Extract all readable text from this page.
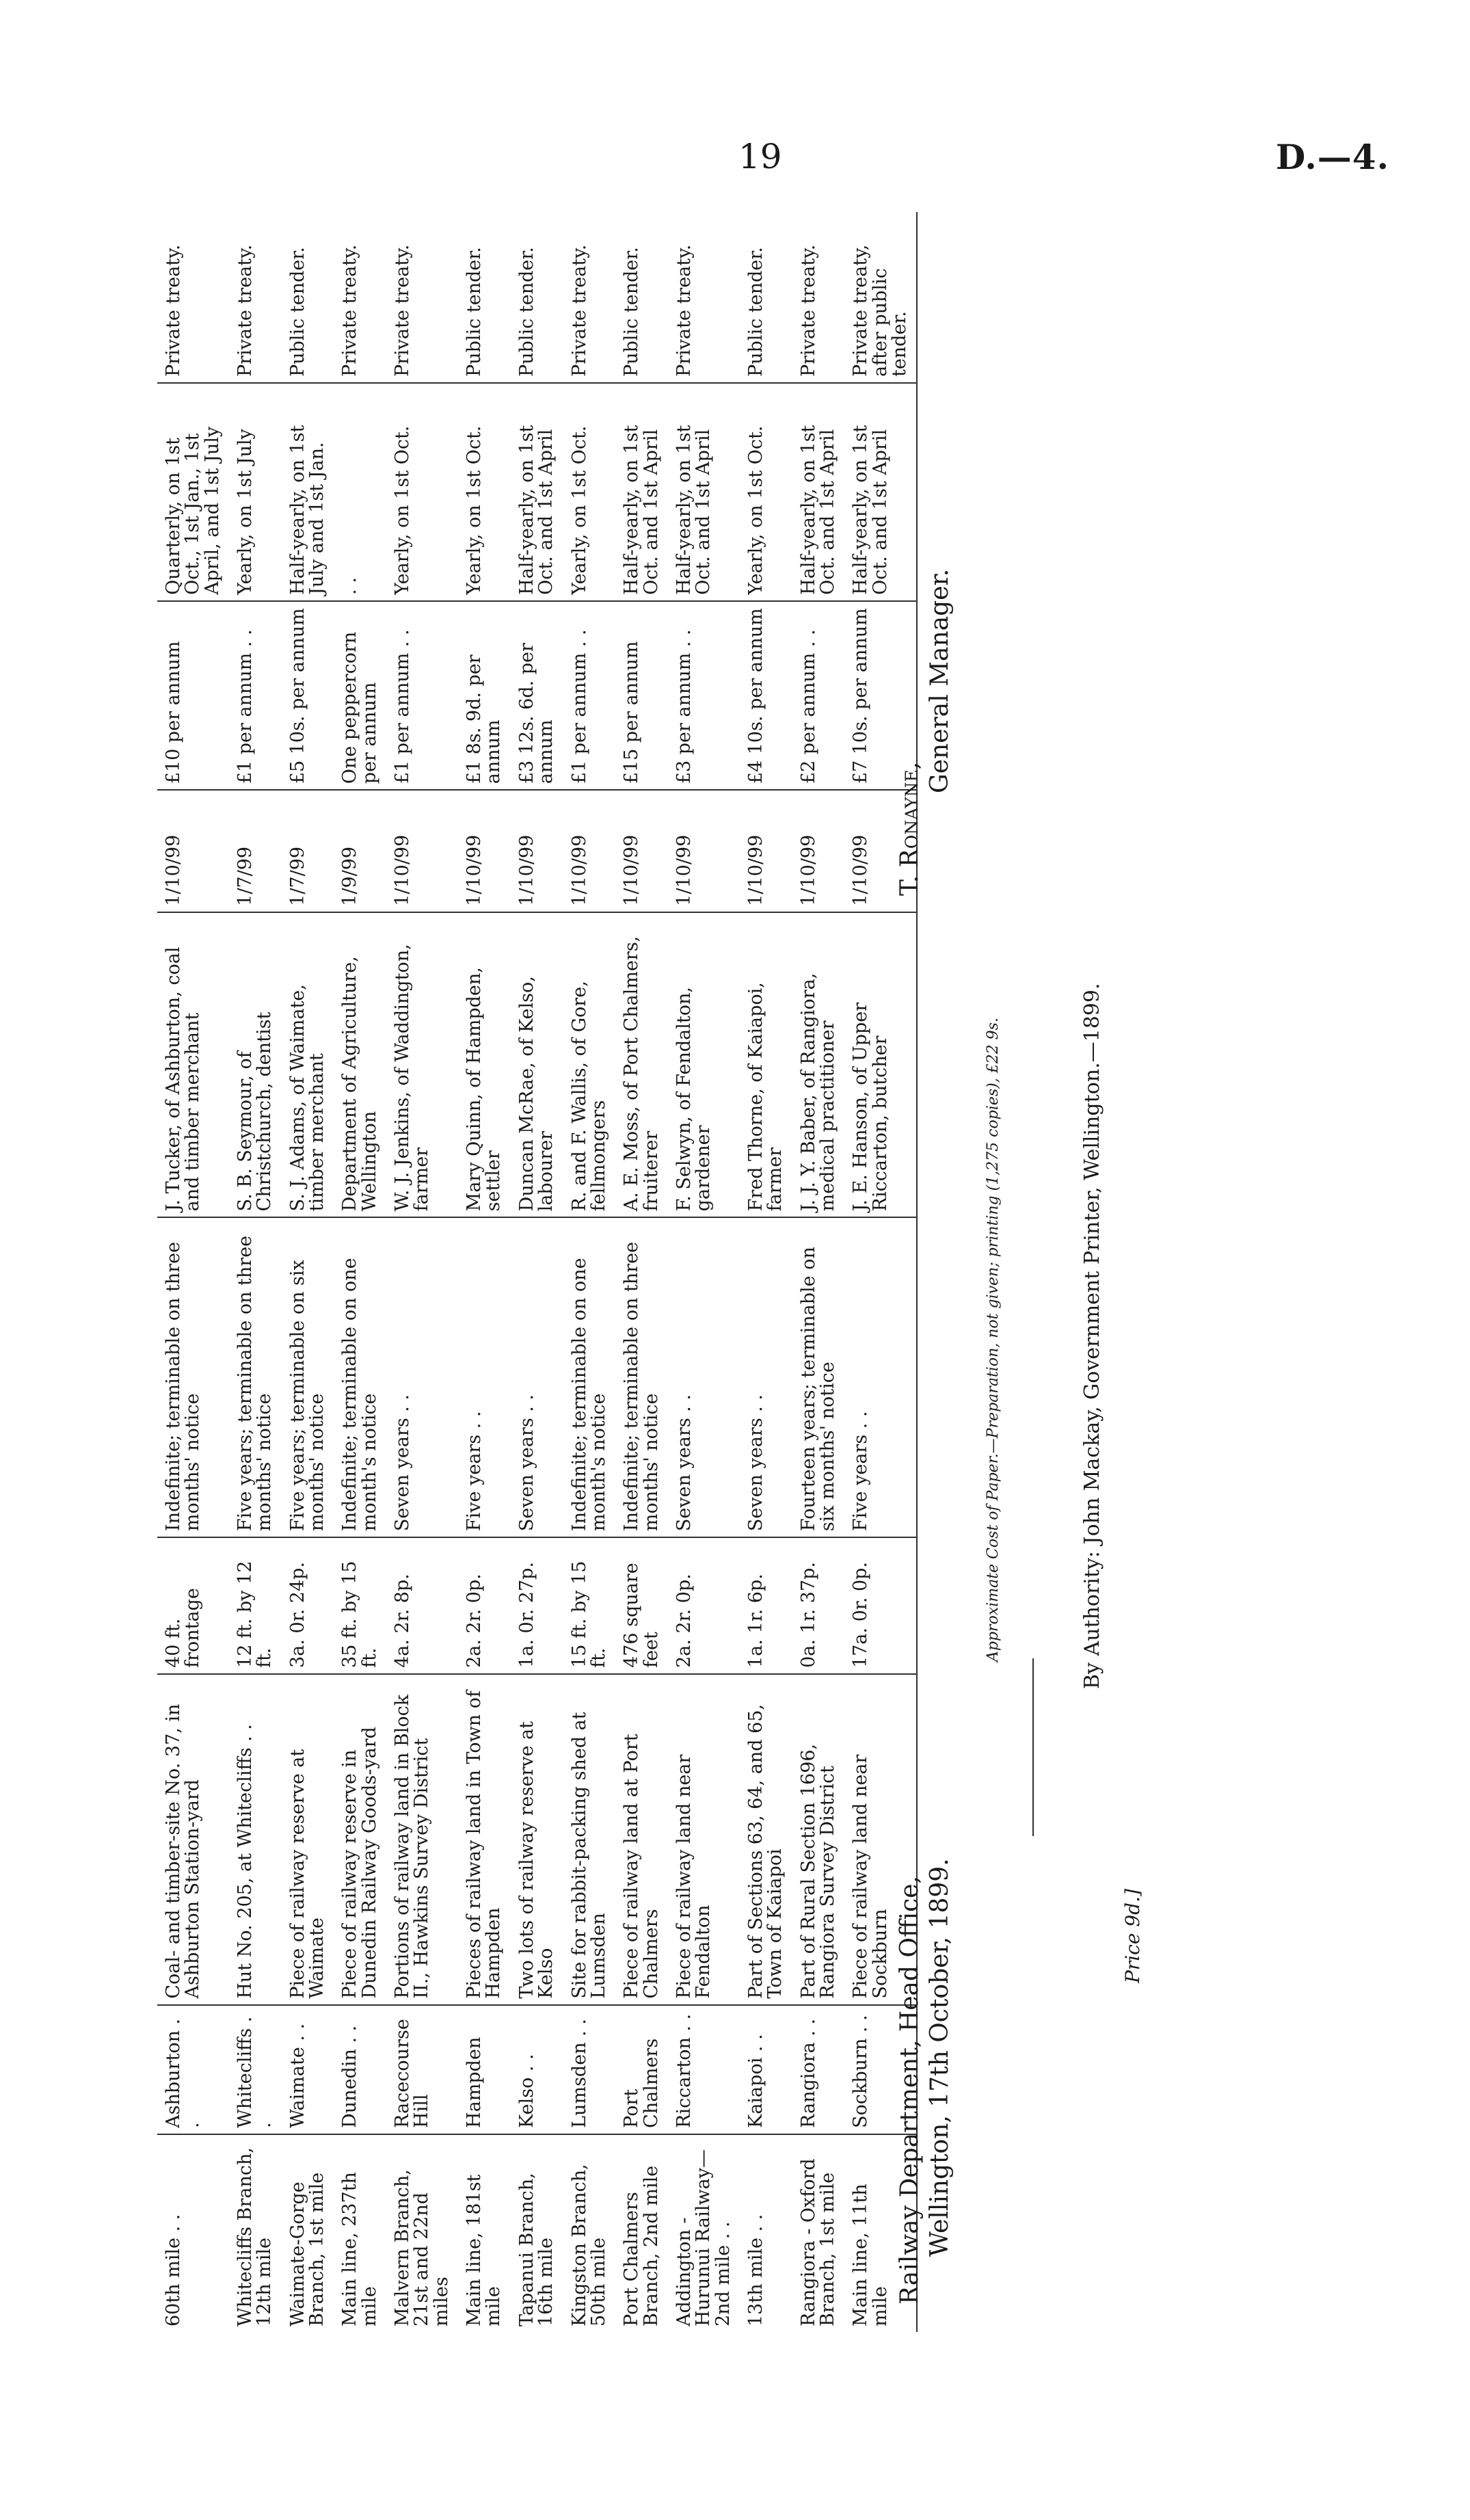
19	D.—4.
60th mile . .	Ashburton . .	Coal- and timber-site No. 37, in Ashburton Station-yard	40 ft. frontage	Indefinite; terminable on three months' notice	J. Tucker, of Ashburton, coal and timber merchant	1/10/99	£10 per annum	Quarterly, on 1st Oct., 1st Jan., 1st April, and 1st July	Private treaty.
Whitecliffs Branch, 12th mile	Whitecliffs . .	Hut No. 205, at Whitecliffs . .	12 ft. by 12 ft.	Five years; terminable on three months' notice	S. B. Seymour, of Christchurch, dentist	1/7/99	£1 per annum . .	Yearly, on 1st July	Private treaty.
Waimate-Gorge Branch, 1st mile	Waimate . .	Piece of railway reserve at Waimate	3a. 0r. 24p.	Five years; terminable on six months' notice	S. J. Adams, of Waimate, timber merchant	1/7/99	£5 10s. per annum	Half-yearly, on 1st July and 1st Jan.	Public tender.
Main line, 237th mile	Dunedin . .	Piece of railway reserve in Dunedin Railway Goods-yard	35 ft. by 15 ft.	Indefinite; terminable on one month's notice	Department of Agriculture, Wellington	1/9/99	One peppercorn per annum	. .	Private treaty.
Malvern Branch, 21st and 22nd miles	Racecourse Hill	Portions of railway land in Block II., Hawkins Survey District	4a. 2r. 8p.	Seven years . .	W. J. Jenkins, of Waddington, farmer	1/10/99	£1 per annum . .	Yearly, on 1st Oct.	Private treaty.
Main line, 181st mile	Hampden	Pieces of railway land in Town of Hampden	2a. 2r. 0p.	Five years . .	Mary Quinn, of Hampden, settler	1/10/99	£1 8s. 9d. per annum	Yearly, on 1st Oct.	Public tender.
Tapanui Branch, 16th mile	Kelso . .	Two lots of railway reserve at Kelso	1a. 0r. 27p.	Seven years . .	Duncan McRae, of Kelso, labourer	1/10/99	£3 12s. 6d. per annum	Half-yearly, on 1st Oct. and 1st April	Public tender.
Kingston Branch, 50th mile	Lumsden . .	Site for rabbit-packing shed at Lumsden	15 ft. by 15 ft.	Indefinite; terminable on one month's notice	R. and F. Wallis, of Gore, fellmongers	1/10/99	£1 per annum . .	Yearly, on 1st Oct.	Private treaty.
Port Chalmers Branch, 2nd mile	Port Chalmers	Piece of railway land at Port Chalmers	476 square feet	Indefinite; terminable on three months' notice	A. E. Moss, of Port Chalmers, fruiterer	1/10/99	£15 per annum	Half-yearly, on 1st Oct. and 1st April	Public tender.
Addington - Hurunui Railway— 2nd mile . .	Riccarton . .	Piece of railway land near Fendalton	2a. 2r. 0p.	Seven years . .	F. Selwyn, of Fendalton, gardener	1/10/99	£3 per annum . .	Half-yearly, on 1st Oct. and 1st April	Private treaty.
13th mile . .	Kaiapoi . .	Part of Sections 63, 64, and 65, Town of Kaiapoi	1a. 1r. 6p.	Seven years . .	Fred Thorne, of Kaiapoi, farmer	1/10/99	£4 10s. per annum	Yearly, on 1st Oct.	Public tender.
Rangiora - Oxford Branch, 1st mile	Rangiora . .	Part of Rural Section 1696, Rangiora Survey District	0a. 1r. 37p.	Fourteen years; terminable on six months' notice	J. J. Y. Baber, of Rangiora, medical practitioner	1/10/99	£2 per annum . .	Half-yearly, on 1st Oct. and 1st April	Private treaty.
Main line, 11th mile	Sockburn . .	Piece of railway land near Sockburn	17a. 0r. 0p.	Five years . .	J. E. Hanson, of Upper Riccarton, butcher	1/10/99	£7 10s. per annum	Half-yearly, on 1st Oct. and 1st April	Private treaty, after public tender.
Approximate Cost of Paper.—Preparation, not given; printing (1,275 copies), £22 9s.	By Authority: John Mackay, Government Printer, Wellington.—1899.
Price 9d.]
Railway Department, Head Office, Wellington, 17th October, 1899.
T. Ronayne,
General Manager.
